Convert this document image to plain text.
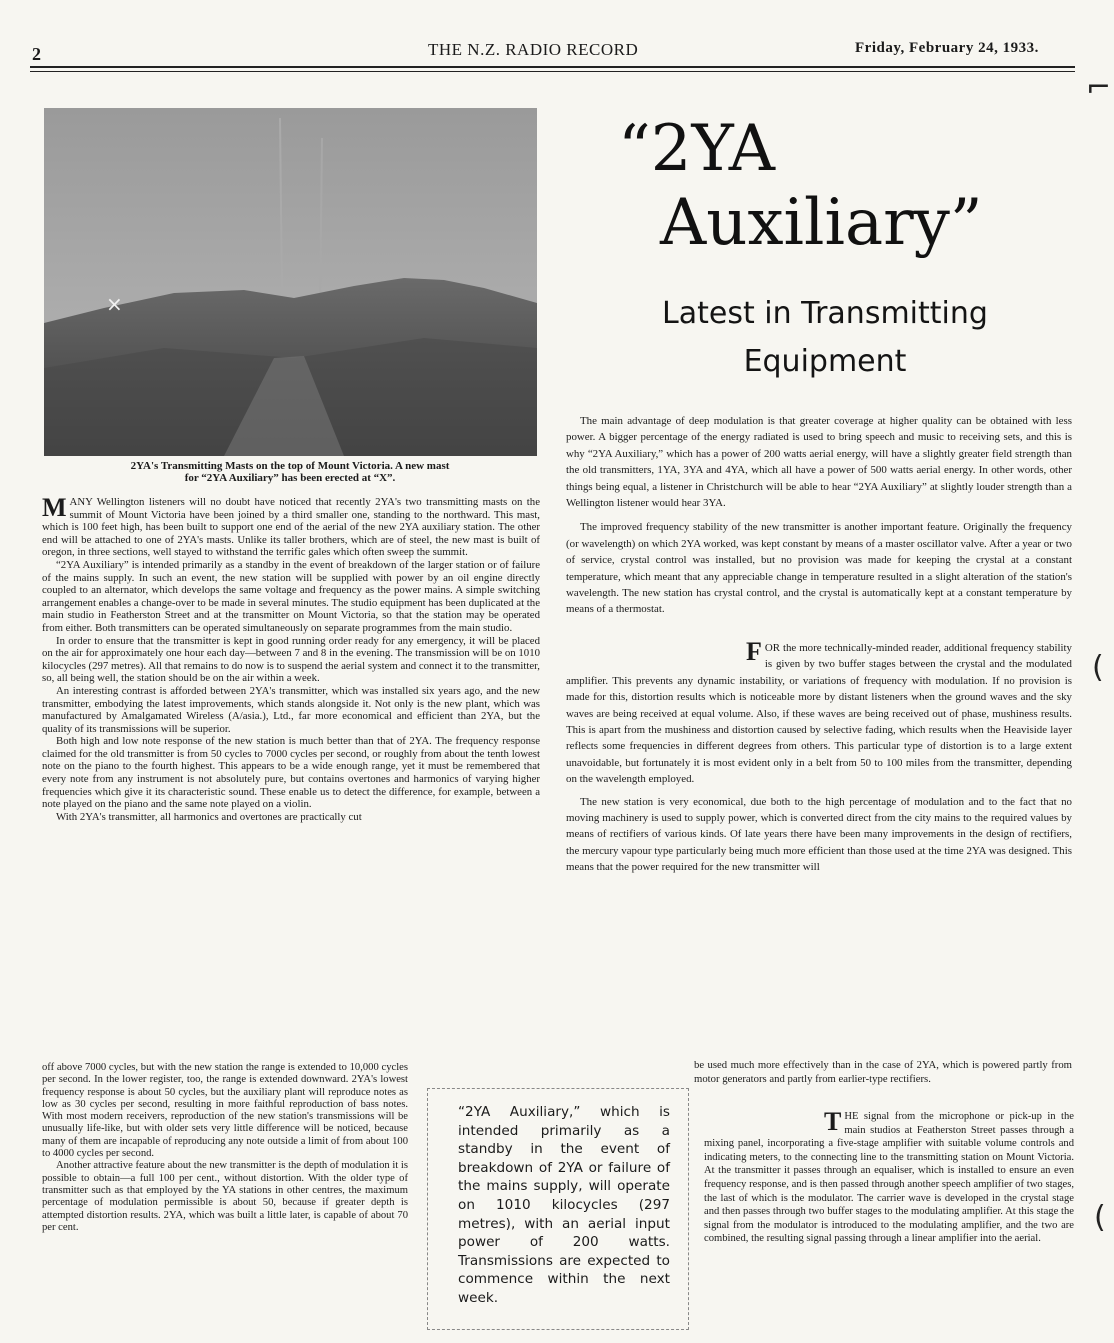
2	THE N.Z. RADIO RECORD	Friday, February 24, 1933.
×
2YA's Transmitting Masts on the top of Mount Victoria. A new mast
for “2YA Auxiliary” has been erected at “X”.
“2YA
Auxiliary”
Latest in Transmitting
Equipment

MANY Wellington listeners will no doubt have noticed that recently 2YA's two transmitting masts on the summit of Mount Victoria have been joined by a third smaller one, standing to the northward. This mast, which is 100 feet high, has been built to support one end of the aerial of the new 2YA auxiliary station. The other end will be attached to one of 2YA's masts. Unlike its taller brothers, which are of steel, the new mast is built of oregon, in three sections, well stayed to withstand the terrific gales which often sweep the summit.

“2YA Auxiliary” is intended primarily as a standby in the event of breakdown of the larger station or of failure of the mains supply. In such an event, the new station will be supplied with power by an oil engine directly coupled to an alternator, which develops the same voltage and frequency as the power mains. A simple switching arrangement enables a change-over to be made in several minutes. The studio equipment has been duplicated at the main studio in Featherston Street and at the transmitter on Mount Victoria, so that the station may be operated from either. Both transmitters can be operated simultaneously on separate programmes from the main studio.

In order to ensure that the transmitter is kept in good running order ready for any emergency, it will be placed on the air for approximately one hour each day—between 7 and 8 in the evening. The transmission will be on 1010 kilocycles (297 metres). All that remains to do now is to suspend the aerial system and connect it to the transmitter, so, all being well, the station should be on the air within a week.

An interesting contrast is afforded between 2YA's transmitter, which was installed six years ago, and the new transmitter, embodying the latest improvements, which stands alongside it. Not only is the new plant, which was manufactured by Amalgamated Wireless (A/asia.), Ltd., far more economical and efficient than 2YA, but the quality of its transmissions will be superior.

Both high and low note response of the new station is much better than that of 2YA. The frequency response claimed for the old transmitter is from 50 cycles to 7000 cycles per second, or roughly from about the tenth lowest note on the piano to the fourth highest. This appears to be a wide enough range, yet it must be remembered that every note from any instrument is not absolutely pure, but contains overtones and harmonics of varying higher frequencies which give it its characteristic sound. These enable us to detect the difference, for example, between a note played on the piano and the same note played on a violin.

With 2YA's transmitter, all harmonics and overtones are practically cut

off above 7000 cycles, but with the new station the range is extended to 10,000 cycles per second. In the lower register, too, the range is extended downward. 2YA's lowest frequency response is about 50 cycles, but the auxiliary plant will reproduce notes as low as 30 cycles per second, resulting in more faithful reproduction of bass notes. With most modern receivers, reproduction of the new station's transmissions will be unusually life-like, but with older sets very little difference will be noticed, because many of them are incapable of reproducing any note outside a limit of from about 100 to 4000 cycles per second.

Another attractive feature about the new transmitter is the depth of modulation it is possible to obtain—a full 100 per cent., without distortion. With the older type of transmitter such as that employed by the YA stations in other centres, the maximum percentage of modulation permissible is about 50, because if greater depth is attempted distortion results. 2YA, which was built a little later, is capable of about 70 per cent.

“2YA Auxiliary,” which is intended primarily as a standby in the event of breakdown of 2YA or failure of the mains supply, will operate on 1010 kilocycles (297 metres), with an aerial input power of 200 watts. Transmissions are expected to commence within the next week.

The main advantage of deep modulation is that greater coverage at higher quality can be obtained with less power. A bigger percentage of the energy radiated is used to bring speech and music to receiving sets, and this is why “2YA Auxiliary,” which has a power of 200 watts aerial energy, will have a slightly greater field strength than the old transmitters, 1YA, 3YA and 4YA, which all have a power of 500 watts aerial energy. In other words, other things being equal, a listener in Christchurch will be able to hear “2YA Auxiliary” at slightly louder strength than a Wellington listener would hear 3YA.

The improved frequency stability of the new transmitter is another important feature. Originally the frequency (or wavelength) on which 2YA worked, was kept constant by means of a master oscillator valve. After a year or two of service, crystal control was installed, but no provision was made for keeping the crystal at a constant temperature, which meant that any appreciable change in temperature resulted in a slight alteration of the station's wavelength. The new station has crystal control, and the crystal is automatically kept at a constant temperature by means of a thermostat.

FOR the more technically-minded reader, additional frequency stability is given by two buffer stages between the crystal and the modulated amplifier. This prevents any dynamic instability, or variations of frequency with modulation. If no provision is made for this, distortion results which is noticeable more by distant listeners when the ground waves and the sky waves are being received at equal volume. Also, if these waves are being received out of phase, mushiness results. This is apart from the mushiness and distortion caused by selective fading, which results when the Heaviside layer reflects some frequencies in different degrees from others. This particular type of distortion is to a large extent unavoidable, but fortunately it is most evident only in a belt from 50 to 100 miles from the transmitter, depending on the wavelength employed.

The new station is very economical, due both to the high percentage of modulation and to the fact that no moving machinery is used to supply power, which is converted direct from the city mains to the required values by means of rectifiers of various kinds. Of late years there have been many improvements in the design of rectifiers, the mercury vapour type particularly being much more efficient than those used at the time 2YA was designed. This means that the power required for the new transmitter will

be used much more effectively than in the case of 2YA, which is powered partly from motor generators and partly from earlier-type rectifiers.

THE signal from the microphone or pick-up in the main studios at Featherston Street passes through a mixing panel, incorporating a five-stage amplifier with suitable volume controls and indicating meters, to the connecting line to the transmitting station on Mount Victoria. At the transmitter it passes through an equaliser, which is installed to ensure an even frequency response, and is then passed through another speech amplifier of two stages, the last of which is the modulator. The carrier wave is developed in the crystal stage and then passes through two buffer stages to the modulating amplifier. At this stage the signal from the modulator is introduced to the modulating amplifier, and the two are combined, the resulting signal passing through a linear amplifier into the aerial.

⌐
(
(
